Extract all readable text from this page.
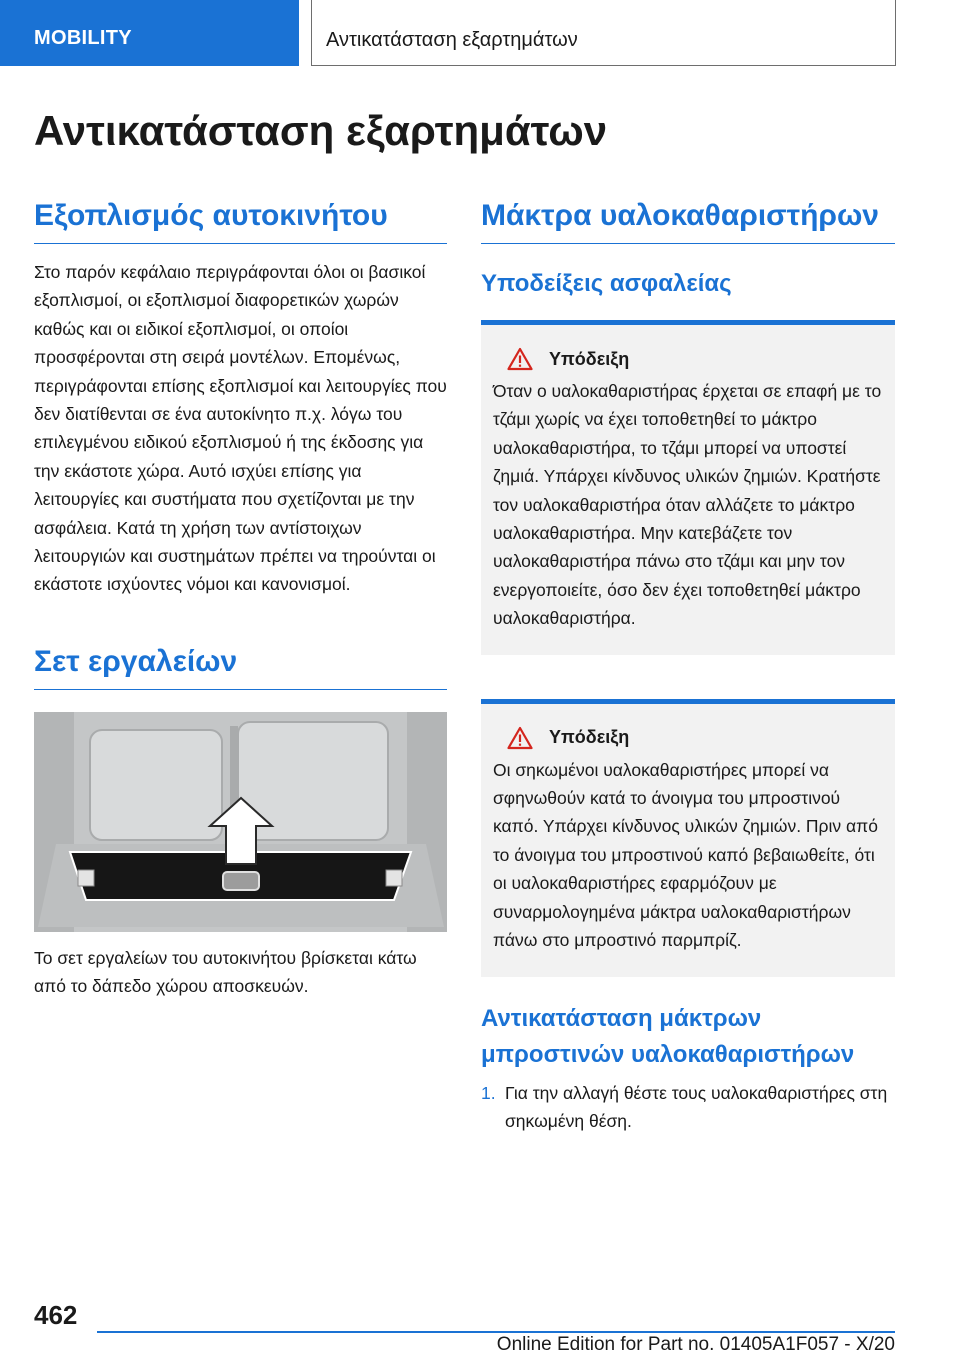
MOBILITY	Αντικατάσταση εξαρτημάτων
Αντικατάσταση εξαρτημάτων
Εξοπλισμός αυτοκινήτου

Στο παρόν κεφάλαιο περιγράφονται όλοι οι βασικοί εξοπλισμοί, οι εξοπλισμοί διαφορετικών χωρών καθώς και οι ειδικοί εξοπλισμοί, οι οποίοι προσφέρονται στη σειρά μοντέλων. Επομένως, περιγράφονται επίσης εξοπλισμοί και λειτουργίες που δεν διατίθενται σε ένα αυτοκίνητο π.χ. λόγω του επιλεγμένου ειδικού εξοπλισμού ή της έκδοσης για την εκάστοτε χώρα. Αυτό ισχύει επίσης για λειτουργίες και συστήματα που σχετίζονται με την ασφάλεια. Κατά τη χρήση των αντίστοιχων λειτουργιών και συστημάτων πρέπει να τηρούνται οι εκάστοτε ισχύοντες νόμοι και κανονισμοί.

Σετ εργαλείων

Το σετ εργαλείων του αυτοκινήτου βρίσκεται κάτω από το δάπεδο χώρου αποσκευών.

Μάκτρα υαλοκαθαριστήρων
Υποδείξεις ασφαλείας
Υπόδειξη

Όταν ο υαλοκαθαριστήρας έρχεται σε επαφή με το τζάμι χωρίς να έχει τοποθετηθεί το μάκτρο υαλοκαθαριστήρα, το τζάμι μπορεί να υποστεί ζημιά. Υπάρχει κίνδυνος υλικών ζημιών. Κρατήστε τον υαλοκαθαριστήρα όταν αλλάζετε το μάκτρο υαλοκαθαριστήρα. Μην κατεβάζετε τον υαλοκαθαριστήρα πάνω στο τζάμι και μην τον ενεργοποιείτε, όσο δεν έχει τοποθετηθεί μάκτρο υαλοκαθαριστήρα.

Υπόδειξη

Οι σηκωμένοι υαλοκαθαριστήρες μπορεί να σφηνωθούν κατά το άνοιγμα του μπροστινού καπό. Υπάρχει κίνδυνος υλικών ζημιών. Πριν από το άνοιγμα του μπροστινού καπό βεβαιωθείτε, ότι οι υαλοκαθαριστήρες εφαρμόζουν με συναρμολογημένα μάκτρα υαλοκαθαριστήρων πάνω στο μπροστινό παρμπρίζ.

Αντικατάσταση μάκτρων μπροστινών υαλοκαθαριστήρων
1. Για την αλλαγή θέστε τους υαλοκαθαριστήρες στη σηκωμένη θέση.
462
Online Edition for Part no. 01405A1F057 - X/20
